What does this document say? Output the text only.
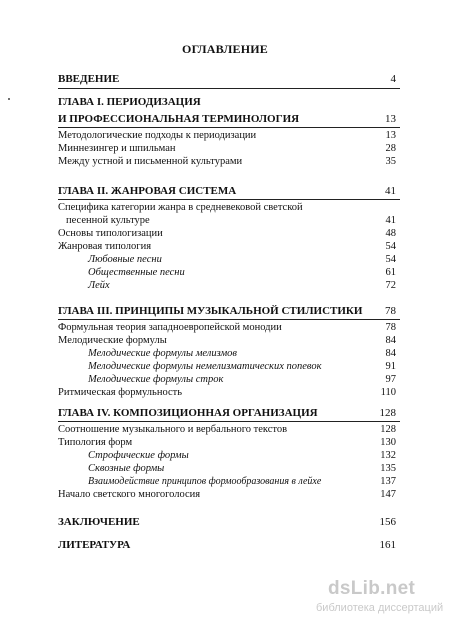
ОГЛАВЛЕНИЕ
ВВЕДЕНИЕ	4
ГЛАВА I. ПЕРИОДИЗАЦИЯ
И ПРОФЕССИОНАЛЬНАЯ ТЕРМИНОЛОГИЯ	13
Методологические подходы к периодизации	13
Миннезингер и шпильман	28
Между устной и письменной культурами	35
ГЛАВА II. ЖАНРОВАЯ СИСТЕМА	41
Специфика категории жанра в средневековой светской
песенной культуре	41
Основы типологизации	48
Жанровая типология	54
Любовные песни	54
Общественные песни	61
Лейх	72
ГЛАВА III. ПРИНЦИПЫ МУЗЫКАЛЬНОЙ СТИЛИСТИКИ	78
Формульная теория западноевропейской монодии	78
Мелодические формулы	84
Мелодические формулы мелизмов	84
Мелодические формулы немелизматических попевок	91
Мелодические формулы строк	97
Ритмическая формульность	110
ГЛАВА IV. КОМПОЗИЦИОННАЯ ОРГАНИЗАЦИЯ	128
Соотношение музыкального и вербального текстов	128
Типология форм	130
Строфические формы	132
Сквозные формы	135
Взаимодействие принципов формообразования в лейхе	137
Начало светского многоголосия	147
ЗАКЛЮЧЕНИЕ	156
ЛИТЕРАТУРА	161
dsLib.net
библиотека диссертаций
